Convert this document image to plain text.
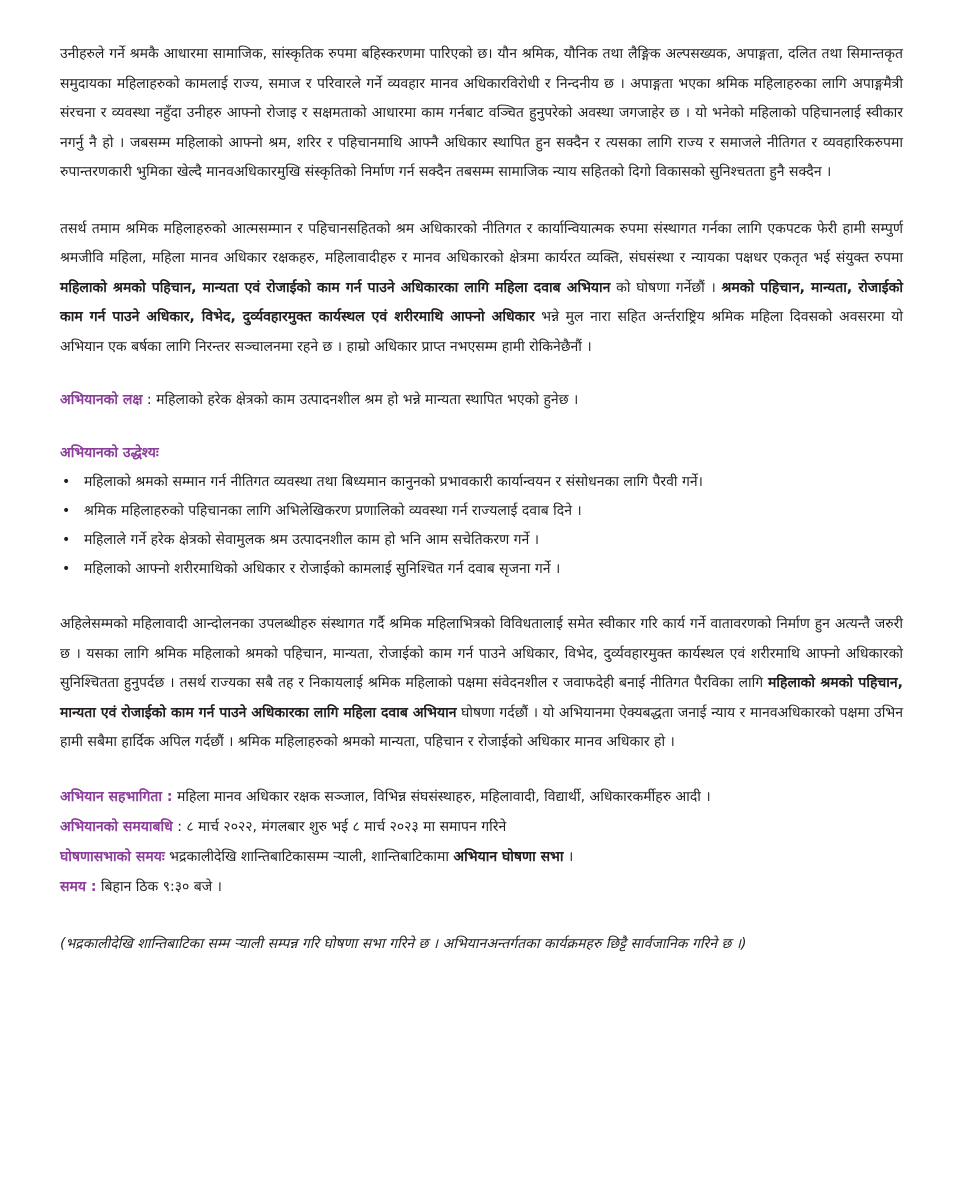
उनीहरुले गर्ने श्रमकै आधारमा सामाजिक, सांस्कृतिक रुपमा बहिस्करणमा पारिएको छ। यौन श्रमिक, यौनिक तथा लैङ्गिक अल्पसख्यक, अपाङ्गता, दलित तथा सिमान्तकृत समुदायका महिलाहरुको कामलाई राज्य, समाज र परिवारले गर्ने व्यवहार मानव अधिकारविरोधी र निन्दनीय छ । अपाङ्गता भएका श्रमिक महिलाहरुका लागि अपाङ्गमैत्री संरचना र व्यवस्था नहुँदा उनीहरु आफ्नो रोजाइ र सक्षमताको आधारमा काम गर्नबाट वञ्चित हुनुपरेको अवस्था जगजाहेर छ । यो भनेको महिलाको पहिचानलाई स्वीकार नगर्नु नै हो । जबसम्म महिलाको आफ्नो श्रम, शरिर र पहिचानमाथि आफ्नै अधिकार स्थापित हुन सक्दैन र त्यसका लागि राज्य र समाजले नीतिगत र व्यवहारिकरुपमा रुपान्तरणकारी भुमिका खेल्दै मानवअधिकारमुखि संस्कृतिको निर्माण गर्न सक्दैन तबसम्म सामाजिक न्याय सहितको दिगो विकासको सुनिश्चतता हुनै सक्दैन ।

तसर्थ तमाम श्रमिक महिलाहरुको आत्मसम्मान र पहिचानसहितको श्रम अधिकारको नीतिगत र कार्यान्वियात्मक रुपमा संस्थागत गर्नका लागि एकपटक फेरी हामी सम्पुर्ण श्रमजीवि महिला, महिला मानव अधिकार रक्षकहरु, महिलावादीहरु र मानव अधिकारको क्षेत्रमा कार्यरत व्यक्ति, संघसंस्था र न्यायका पक्षधर एकतृत भई संयुक्त रुपमा महिलाको श्रमको पहिचान, मान्यता एवं रोजाईको काम गर्न पाउने अधिकारका लागि महिला दवाब अभियान को घोषणा गर्नेछौं । श्रमको पहिचान, मान्यता, रोजाईको काम गर्न पाउने अधिकार, विभेद, दुर्व्यवहारमुक्त कार्यस्थल एवं शरीरमाथि आफ्नो अधिकार भन्ने मुल नारा सहित अर्न्तराष्ट्रिय श्रमिक महिला दिवसको अवसरमा यो अभियान एक बर्षका लागि निरन्तर सञ्चालनमा रहने छ । हाम्रो अधिकार प्राप्त नभएसम्म हामी रोकिनेछैनौं ।

अभियानको लक्ष : महिलाको हरेक क्षेत्रको काम उत्पादनशील श्रम हो भन्ने मान्यता स्थापित भएको हुनेछ ।

अभियानको उद्धेश्यः
• महिलाको श्रमको सम्मान गर्न नीतिगत व्यवस्था तथा बिध्यमान कानुनको प्रभावकारी कार्यान्वयन र संसोधनका लागि पैरवी गर्ने।
• श्रमिक महिलाहरुको पहिचानका लागि अभिलेखिकरण प्रणालिको व्यवस्था गर्न राज्यलाई दवाब दिने ।
• महिलाले गर्ने हरेक क्षेत्रको सेवामुलक श्रम उत्पादनशील काम हो भनि आम सचेतिकरण गर्ने ।
• महिलाको आफ्नो शरीरमाथिको अधिकार र रोजाईको कामलाई सुनिश्चित गर्न दवाब सृजना गर्ने ।

अहिलेसम्मको महिलावादी आन्दोलनका उपलब्धीहरु संस्थागत गर्दै श्रमिक महिलाभित्रको विविधतालाई समेत स्वीकार गरि कार्य गर्ने वातावरणको निर्माण हुन अत्यन्तै जरुरी छ । यसका लागि श्रमिक महिलाको श्रमको पहिचान, मान्यता, रोजाईको काम गर्न पाउने अधिकार, विभेद, दुर्व्यवहारमुक्त कार्यस्थल एवं शरीरमाथि आफ्नो अधिकारको सुनिश्चितता हुनुपर्दछ । तसर्थ राज्यका सबै तह र निकायलाई श्रमिक महिलाको पक्षमा संवेदनशील र जवाफदेही बनाई नीतिगत पैरविका लागि महिलाको श्रमको पहिचान, मान्यता एवं रोजाईको काम गर्न पाउने अधिकारका लागि महिला दवाब अभियान घोषणा गर्दछौं । यो अभियानमा ऐक्यबद्धता जनाई न्याय र मानवअधिकारको पक्षमा उभिन हामी सबैमा हार्दिक अपिल गर्दछौं । श्रमिक महिलाहरुको श्रमको मान्यता, पहिचान र रोजाईको अधिकार मानव अधिकार हो ।

अभियान सहभागिता : महिला मानव अधिकार रक्षक सञ्जाल, विभिन्न संघसंस्थाहरु, महिलावादी, विद्यार्थी, अधिकारकर्मीहरु आदी ।
अभियानको समयाबधि : ८ मार्च २०२२, मंगलबार शुरु भई ८ मार्च २०२३ मा समापन गरिने
घोषणासभाको समयः भद्रकालीदेखि शान्तिबाटिकासम्म र्‍याली, शान्तिबाटिकामा अभियान घोषणा सभा ।
समय : बिहान ठिक ९:३० बजे ।
(भद्रकालीदेखि शान्तिबाटिका सम्म र्‍याली सम्पन्न गरि घोषणा सभा गरिने छ । अभियानअन्तर्गतका कार्यक्रमहरु छिट्टै सार्वजानिक गरिने छ ।)
